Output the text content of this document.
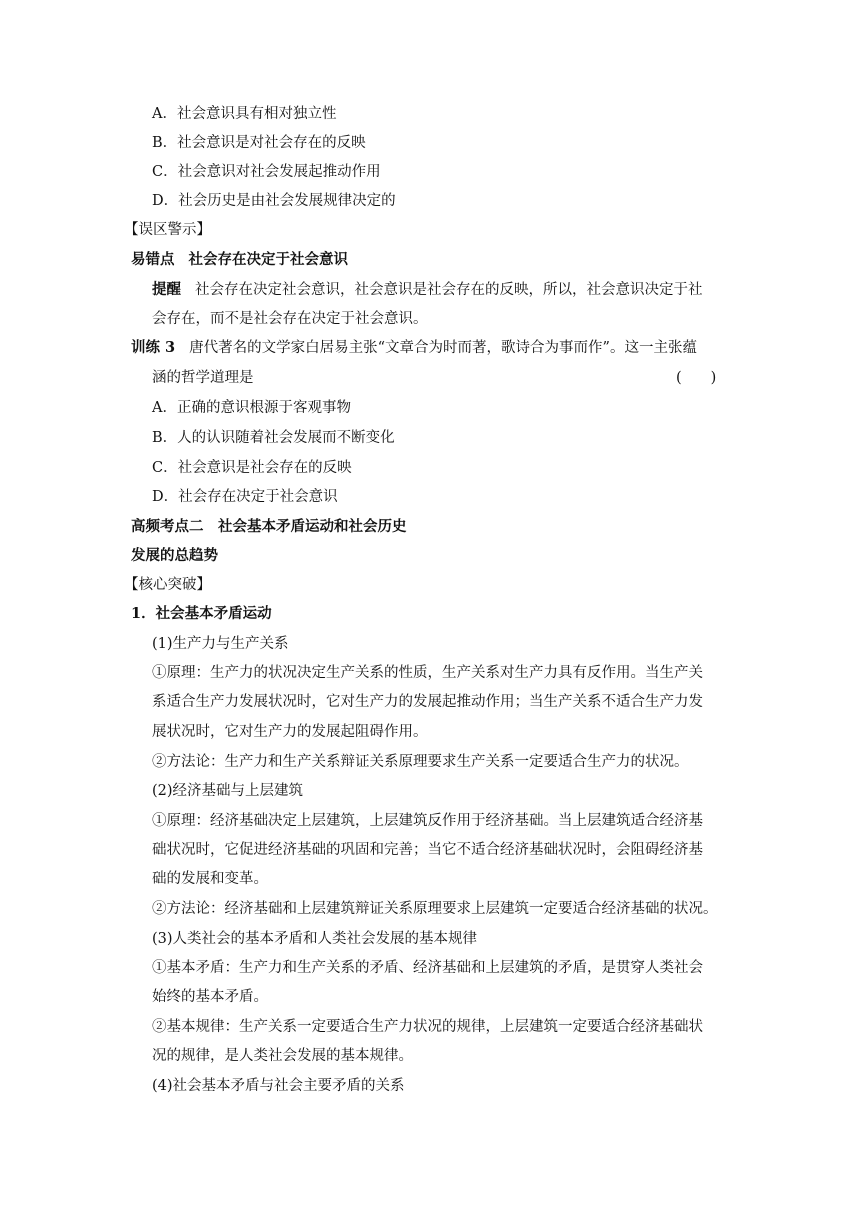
A．社会意识具有相对独立性
B．社会意识是对社会存在的反映
C．社会意识对社会发展起推动作用
D．社会历史是由社会发展规律决定的
【误区警示】
易错点 社会存在决定于社会意识
提醒 社会存在决定社会意识，社会意识是社会存在的反映，所以，社会意识决定于社
会存在，而不是社会存在决定于社会意识。
训练 3 唐代著名的文学家白居易主张“文章合为时而著，歌诗合为事而作”。这一主张蕴
涵的哲学道理是	(　　)
A．正确的意识根源于客观事物
B．人的认识随着社会发展而不断变化
C．社会意识是社会存在的反映
D．社会存在决定于社会意识
高频考点二　社会基本矛盾运动和社会历史
发展的总趋势
【核心突破】
1．社会基本矛盾运动
(1)生产力与生产关系
①原理：生产力的状况决定生产关系的性质，生产关系对生产力具有反作用。当生产关
系适合生产力发展状况时，它对生产力的发展起推动作用；当生产关系不适合生产力发
展状况时，它对生产力的发展起阻碍作用。
②方法论：生产力和生产关系辩证关系原理要求生产关系一定要适合生产力的状况。
(2)经济基础与上层建筑
①原理：经济基础决定上层建筑，上层建筑反作用于经济基础。当上层建筑适合经济基
础状况时，它促进经济基础的巩固和完善；当它不适合经济基础状况时，会阻碍经济基
础的发展和变革。
②方法论：经济基础和上层建筑辩证关系原理要求上层建筑一定要适合经济基础的状况。
(3)人类社会的基本矛盾和人类社会发展的基本规律
①基本矛盾：生产力和生产关系的矛盾、经济基础和上层建筑的矛盾，是贯穿人类社会
始终的基本矛盾。
②基本规律：生产关系一定要适合生产力状况的规律，上层建筑一定要适合经济基础状
况的规律，是人类社会发展的基本规律。
(4)社会基本矛盾与社会主要矛盾的关系
